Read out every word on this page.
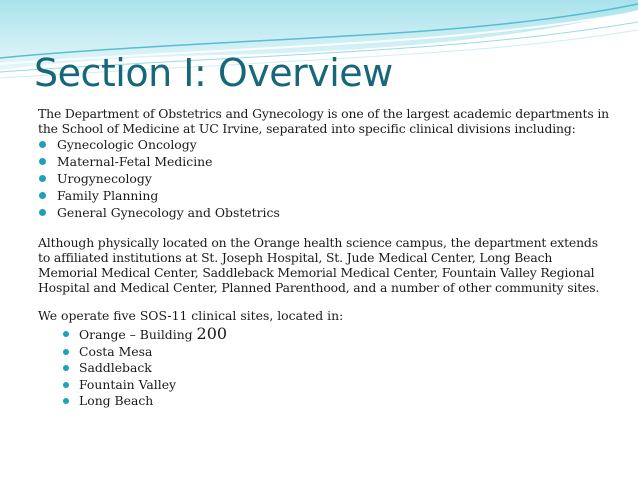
Section I: Overview

The Department of Obstetrics and Gynecology is one of the largest academic departments in the School of Medicine at UC Irvine, separated into specific clinical divisions including:

Gynecologic Oncology
Maternal-Fetal Medicine
Urogynecology
Family Planning
General Gynecology and Obstetrics

Although physically located on the Orange health science campus, the department extends to affiliated institutions at St. Joseph Hospital, St. Jude Medical Center, Long Beach Memorial Medical Center, Saddleback Memorial Medical Center, Fountain Valley Regional Hospital and Medical Center, Planned Parenthood, and a number of other community sites.

We operate five SOS-11 clinical sites, located in:

Orange – Building 200
Costa Mesa
Saddleback
Fountain Valley
Long Beach
